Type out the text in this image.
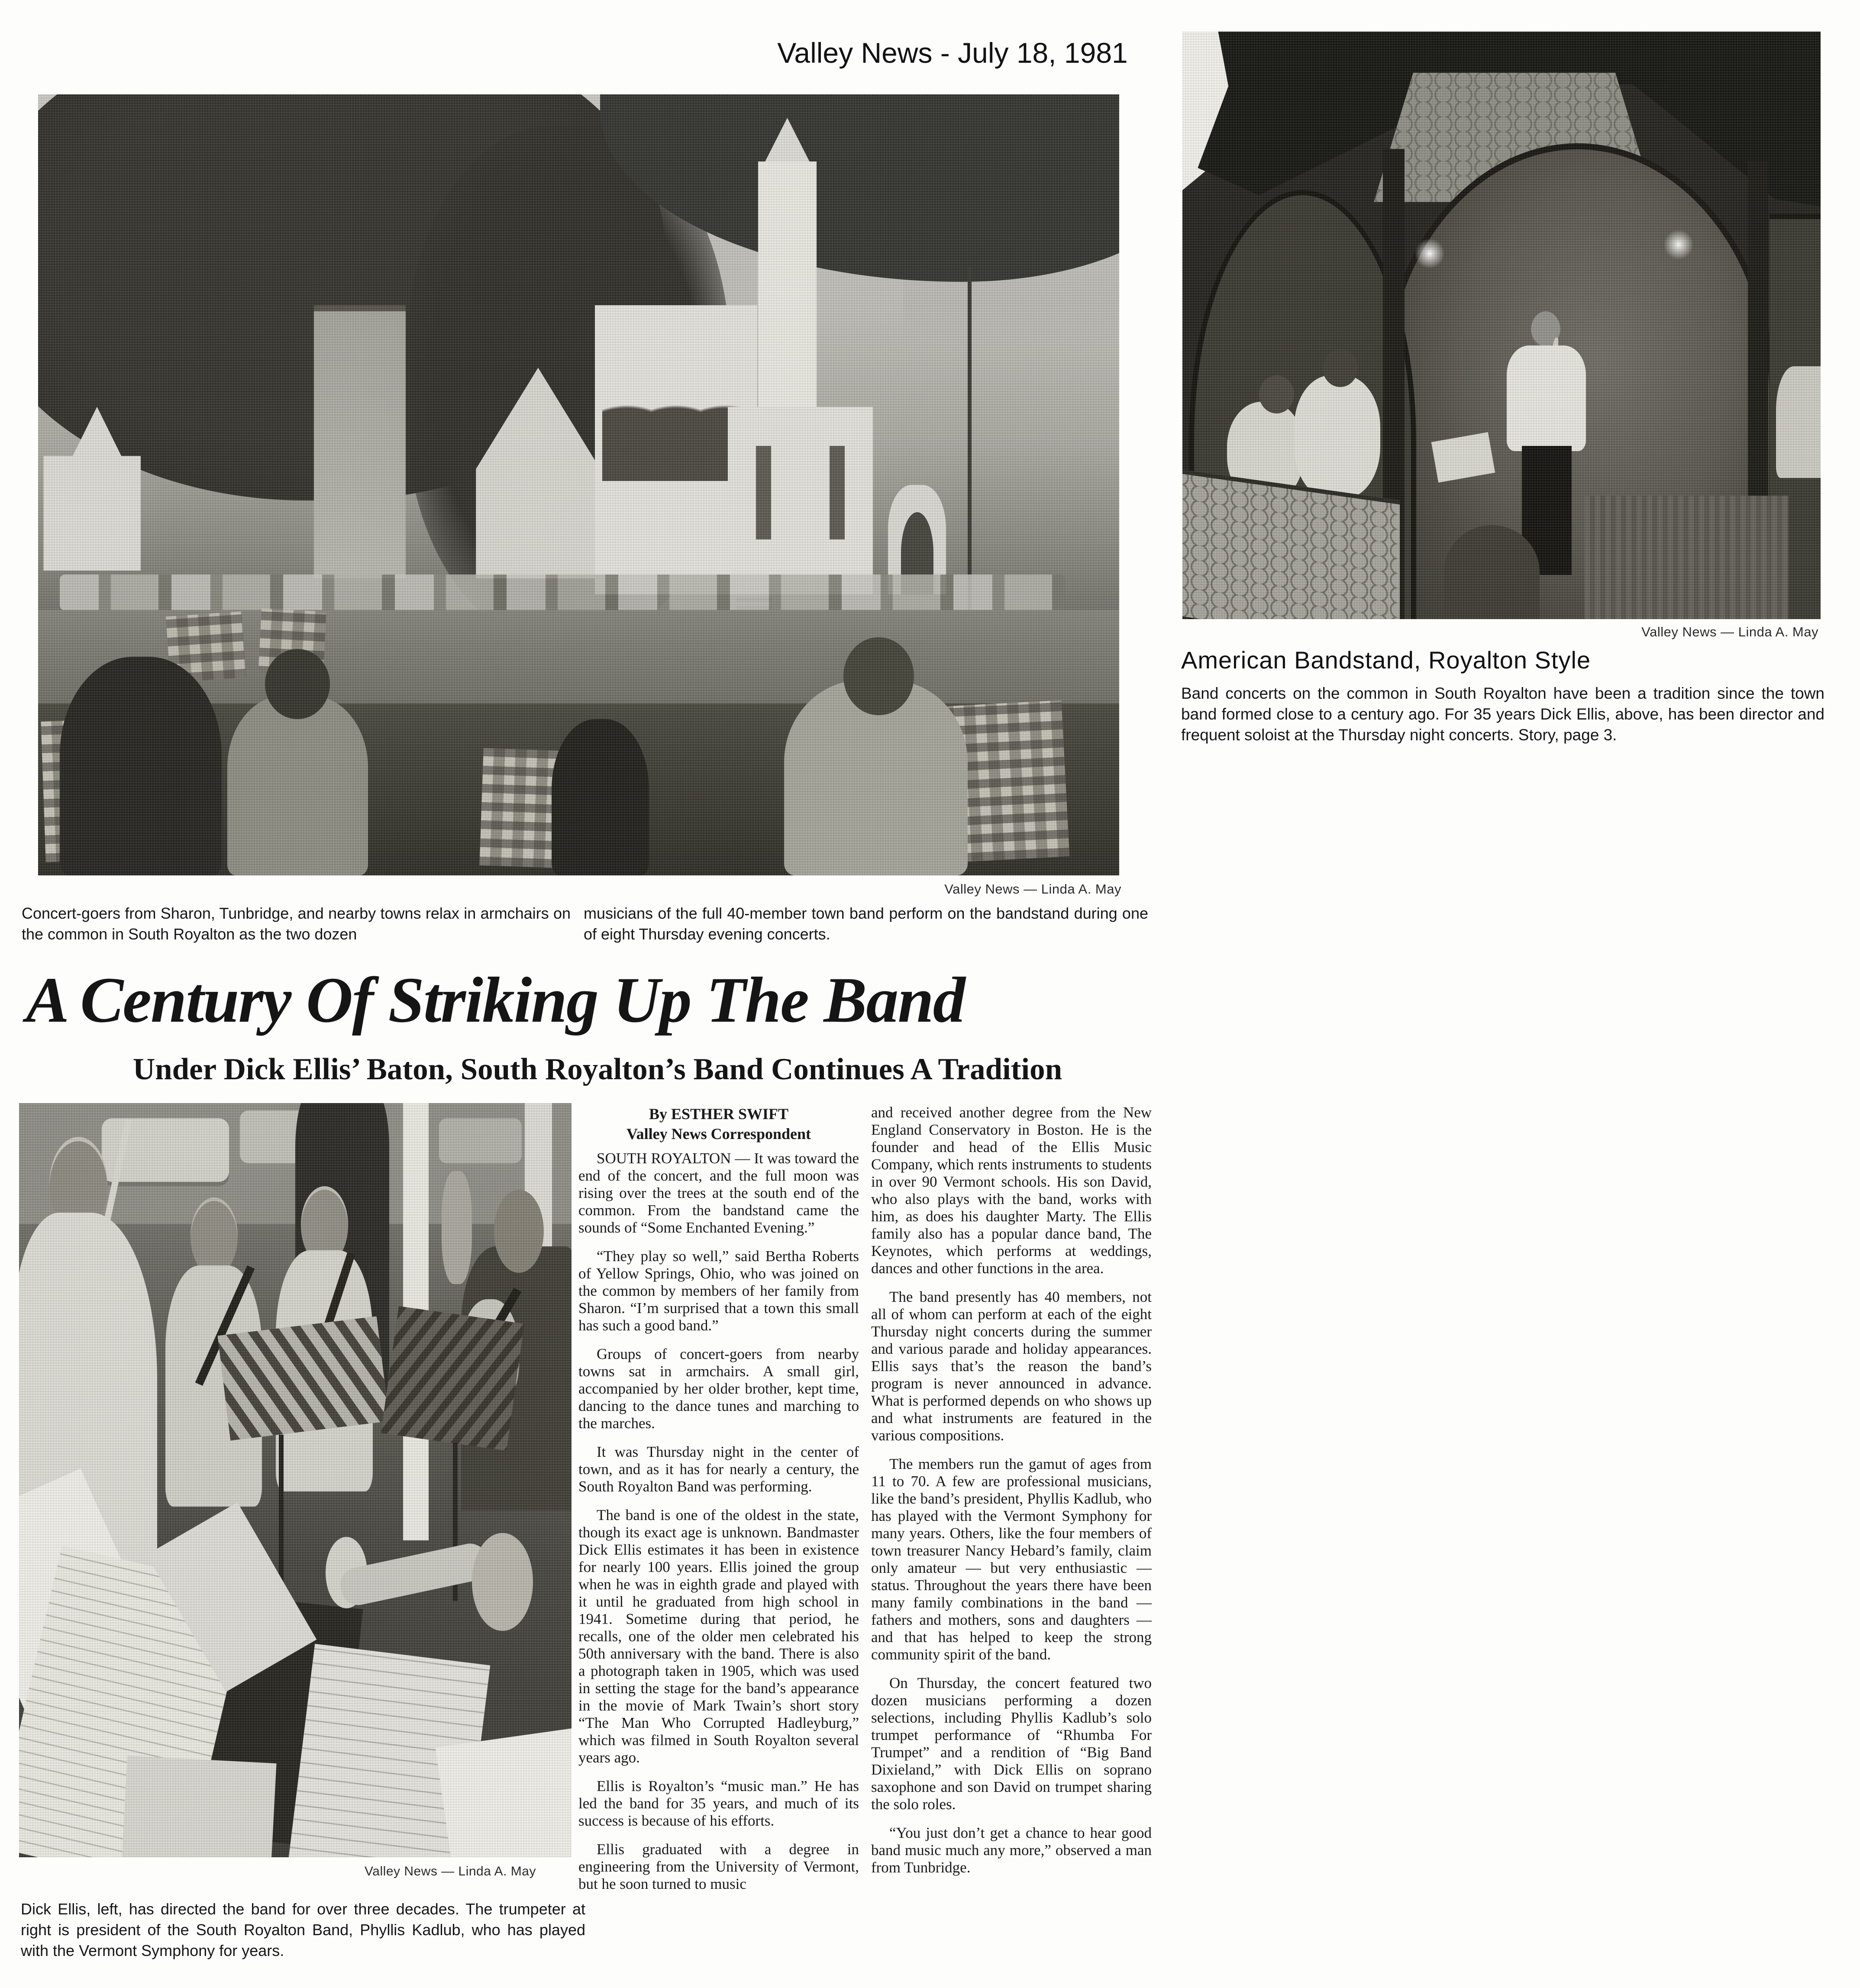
Valley News - July 18, 1981
Valley News — Linda A. May
Concert-goers from Sharon, Tunbridge, and nearby towns relax in armchairs on the common in South Royalton as the two dozen
musicians of the full 40-member town band perform on the bandstand during one of eight Thursday evening concerts.
Valley News — Linda A. May
American Bandstand, Royalton Style
Band concerts on the common in South Royalton have been a tradition since the town band formed close to a century ago. For 35 years Dick Ellis, above, has been director and frequent soloist at the Thursday night concerts. Story, page 3.
A Century Of Striking Up The Band
Under Dick Ellis’ Baton, South Royalton’s Band Continues A Tradition
Valley News — Linda A. May
Dick Ellis, left, has directed the band for over three decades. The trumpeter at right is president of the South Royalton Band, Phyllis Kadlub, who has played with the Vermont Symphony for years.
By ESTHER SWIFT
Valley News Correspondent

SOUTH ROYALTON — It was toward the end of the concert, and the full moon was rising over the trees at the south end of the common. From the bandstand came the sounds of “Some Enchanted Evening.”

“They play so well,” said Bertha Roberts of Yellow Springs, Ohio, who was joined on the common by members of her family from Sharon. “I’m surprised that a town this small has such a good band.”

Groups of concert-goers from nearby towns sat in armchairs. A small girl, accompanied by her older brother, kept time, dancing to the dance tunes and marching to the marches.

It was Thursday night in the center of town, and as it has for nearly a century, the South Royalton Band was performing.

The band is one of the oldest in the state, though its exact age is unknown. Bandmaster Dick Ellis estimates it has been in existence for nearly 100 years. Ellis joined the group when he was in eighth grade and played with it until he graduated from high school in 1941. Sometime during that period, he recalls, one of the older men celebrated his 50th anniversary with the band. There is also a photograph taken in 1905, which was used in setting the stage for the band’s appearance in the movie of Mark Twain’s short story “The Man Who Corrupted Hadleyburg,” which was filmed in South Royalton several years ago.

Ellis is Royalton’s “music man.” He has led the band for 35 years, and much of its success is because of his efforts.

Ellis graduated with a degree in engineering from the University of Vermont, but he soon turned to music

and received another degree from the New England Conservatory in Boston. He is the founder and head of the Ellis Music Company, which rents instruments to students in over 90 Vermont schools. His son David, who also plays with the band, works with him, as does his daughter Marty. The Ellis family also has a popular dance band, The Keynotes, which performs at weddings, dances and other functions in the area.

The band presently has 40 members, not all of whom can perform at each of the eight Thursday night concerts during the summer and various parade and holiday appearances. Ellis says that’s the reason the band’s program is never announced in advance. What is performed depends on who shows up and what instruments are featured in the various compositions.

The members run the gamut of ages from 11 to 70. A few are professional musicians, like the band’s president, Phyllis Kadlub, who has played with the Vermont Symphony for many years. Others, like the four members of town treasurer Nancy Hebard’s family, claim only amateur — but very enthusiastic — status. Throughout the years there have been many family combinations in the band — fathers and mothers, sons and daughters — and that has helped to keep the strong community spirit of the band.

On Thursday, the concert featured two dozen musicians performing a dozen selections, including Phyllis Kadlub’s solo trumpet performance of “Rhumba For Trumpet” and a rendition of “Big Band Dixieland,” with Dick Ellis on soprano saxophone and son David on trumpet sharing the solo roles.

“You just don’t get a chance to hear good band music much any more,” observed a man from Tunbridge.
